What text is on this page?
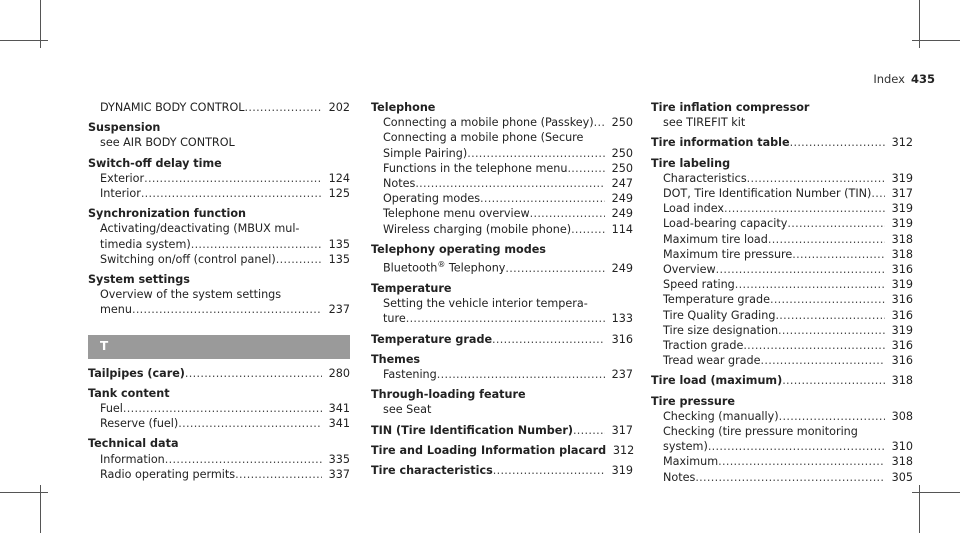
Index 435
DYNAMIC BODY CONTROL .....	202
Suspension
see AIR BODY CONTROL
Switch-off delay time
Exterior .....	124
Interior .....	125
Synchronization function
Activating/deactivating (MBUX mul-
timedia system) .....	135
Switching on/off (control panel) .....	135
System settings
Overview of the system settings
menu .....	237
T
Tailpipes (care) .....	280
Tank content
Fuel .....	341
Reserve (fuel) .....	341
Technical data
Information .....	335
Radio operating permits .....	337
Telephone
Connecting a mobile phone (Passkey) .....	250
Connecting a mobile phone (Secure
Simple Pairing) .....	250
Functions in the telephone menu .....	250
Notes .....	247
Operating modes .....	249
Telephone menu overview .....	249
Wireless charging (mobile phone) .....	114
Telephony operating modes
Bluetooth® Telephony .....	249
Temperature
Setting the vehicle interior tempera-
ture .....	133
Temperature grade .....	316
Themes
Fastening .....	237
Through-loading feature
see Seat
TIN (Tire Identification Number) .....	317
Tire and Loading Information placard 312
Tire characteristics .....	319
Tire inflation compressor
see TIREFIT kit
Tire information table .....	312
Tire labeling
Characteristics .....	319
DOT, Tire Identification Number (TIN) .....	317
Load index .....	319
Load-bearing capacity .....	319
Maximum tire load .....	318
Maximum tire pressure .....	318
Overview .....	316
Speed rating .....	319
Temperature grade .....	316
Tire Quality Grading .....	316
Tire size designation .....	319
Traction grade .....	316
Tread wear grade .....	316
Tire load (maximum) .....	318
Tire pressure
Checking (manually) .....	308
Checking (tire pressure monitoring
system) .....	310
Maximum .....	318
Notes .....	305
